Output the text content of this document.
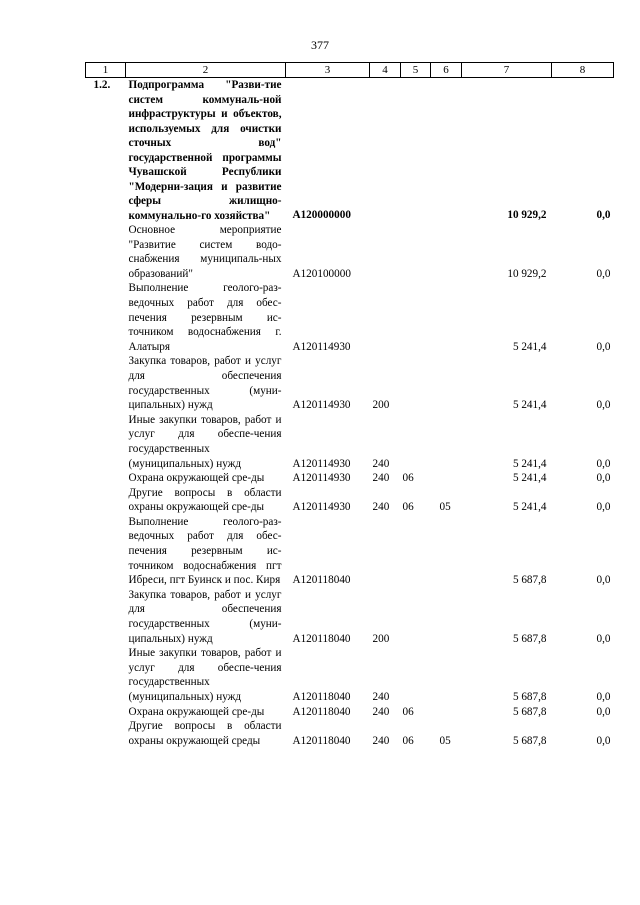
377
1	2	3	4	5	6	7	8
1.2.	Подпрограмма "Разви-тие систем коммуналь-ной инфраструктуры и объектов, используемых для очистки сточных вод" государственной программы Чувашской Республики "Модерни-зация и развитие сферы жилищно-коммунально-го хозяйства"	А120000000				10 929,2	0,0
	Основное мероприятие "Развитие систем водо-снабжения муниципаль-ных образований"	А120100000				10 929,2	0,0
	Выполнение геолого-раз-ведочных работ для обес-печения резервным ис-точником водоснабжения г. Алатыря	А120114930				5 241,4	0,0
	Закупка товаров, работ и услуг для обеспечения государственных (муни-ципальных) нужд	А120114930	200			5 241,4	0,0
	Иные закупки товаров, работ и услуг для обеспе-чения государственных (муниципальных) нужд	А120114930	240			5 241,4	0,0
	Охрана окружающей сре-ды	А120114930	240	06		5 241,4	0,0
	Другие вопросы в области охраны окружающей сре-ды	А120114930	240	06	05	5 241,4	0,0
	Выполнение геолого-раз-ведочных работ для обес-печения резервным ис-точником водоснабжения пгт Ибреси, пгт Буинск и пос. Киря	А120118040				5 687,8	0,0
	Закупка товаров, работ и услуг для обеспечения государственных (муни-ципальных) нужд	А120118040	200			5 687,8	0,0
	Иные закупки товаров, работ и услуг для обеспе-чения государственных (муниципальных) нужд	А120118040	240			5 687,8	0,0
	Охрана окружающей сре-ды	А120118040	240	06		5 687,8	0,0
	Другие вопросы в области охраны окружающей среды	А120118040	240	06	05	5 687,8	0,0
